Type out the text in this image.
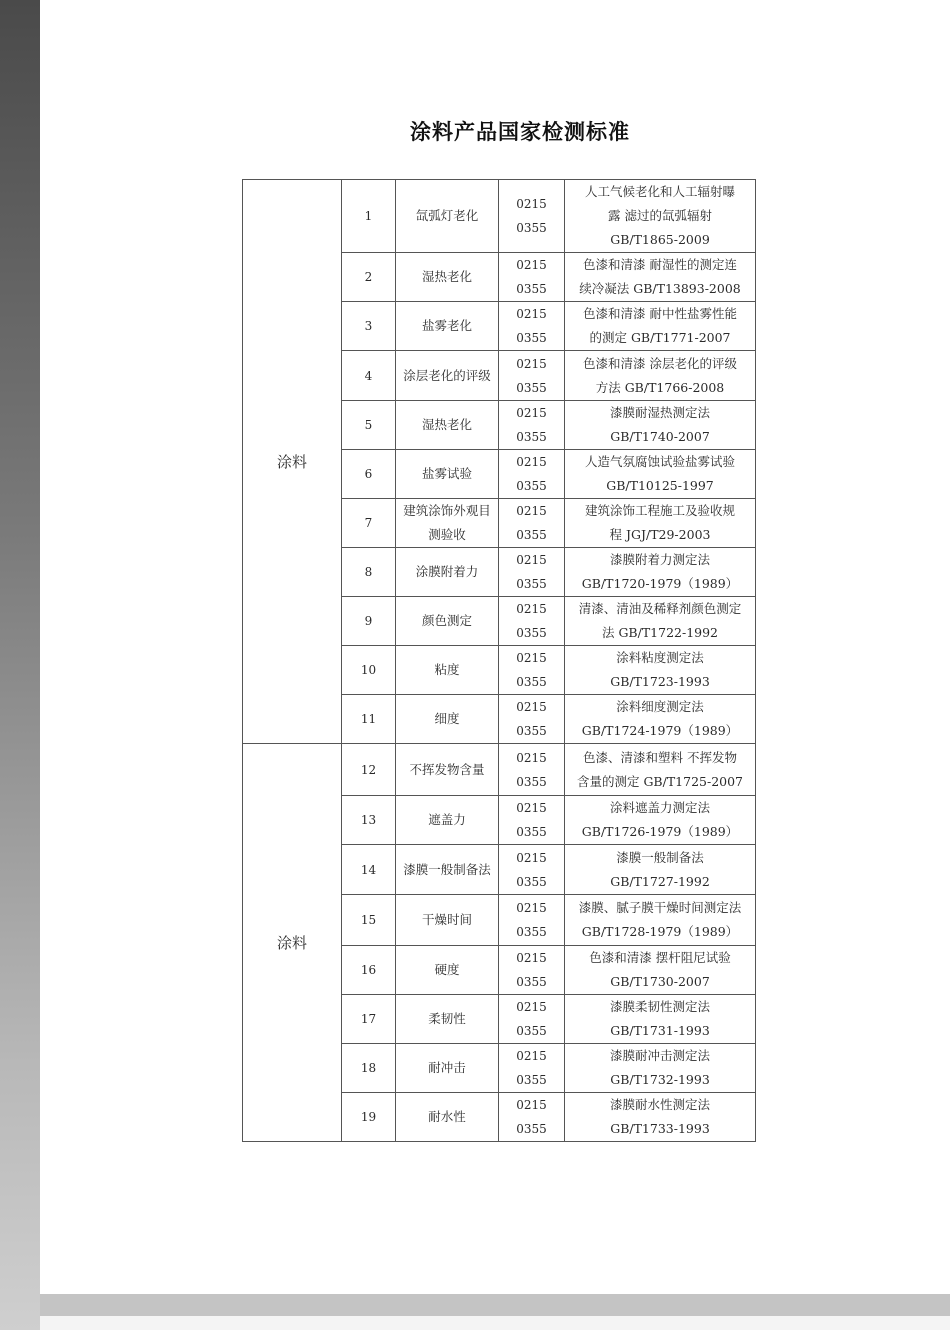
涂料产品国家检测标准
涂料	1	氙弧灯老化	0215
0355	人工气候老化和人工辐射曝
露 滤过的氙弧辐射
GB/T1865-2009

	2	湿热老化	0215
0355	色漆和清漆 耐湿性的测定连
续冷凝法 GB/T13893-2008

	3	盐雾老化	0215
0355	色漆和清漆 耐中性盐雾性能
的测定 GB/T1771-2007

	4	涂层老化的评级	0215
0355	色漆和清漆 涂层老化的评级
方法 GB/T1766-2008

	5	湿热老化	0215
0355	漆膜耐湿热测定法
GB/T1740-2007

	6	盐雾试验	0215
0355	人造气氛腐蚀试验盐雾试验
GB/T10125-1997

	7	建筑涂饰外观目测验收	0215
0355	建筑涂饰工程施工及验收规
程 JGJ/T29-2003

	8	涂膜附着力	0215
0355	漆膜附着力测定法
GB/T1720-1979（1989）

	9	颜色测定	0215
0355	清漆、清油及稀释剂颜色测定
法 GB/T1722-1992

	10	粘度	0215
0355	涂料粘度测定法
GB/T1723-1993

	11	细度	0215
0355	涂料细度测定法
GB/T1724-1979（1989）

涂料	12	不挥发物含量	0215
0355	色漆、清漆和塑料 不挥发物
含量的测定 GB/T1725-2007

	13	遮盖力	0215
0355	涂料遮盖力测定法
GB/T1726-1979（1989）

	14	漆膜一般制备法	0215
0355	漆膜一般制备法
GB/T1727-1992

	15	干燥时间	0215
0355	漆膜、腻子膜干燥时间测定法
GB/T1728-1979（1989）

	16	硬度	0215
0355	色漆和清漆 摆杆阻尼试验
GB/T1730-2007

	17	柔韧性	0215
0355	漆膜柔韧性测定法
GB/T1731-1993

	18	耐冲击	0215
0355	漆膜耐冲击测定法
GB/T1732-1993

	19	耐水性	0215
0355	漆膜耐水性测定法
GB/T1733-1993
